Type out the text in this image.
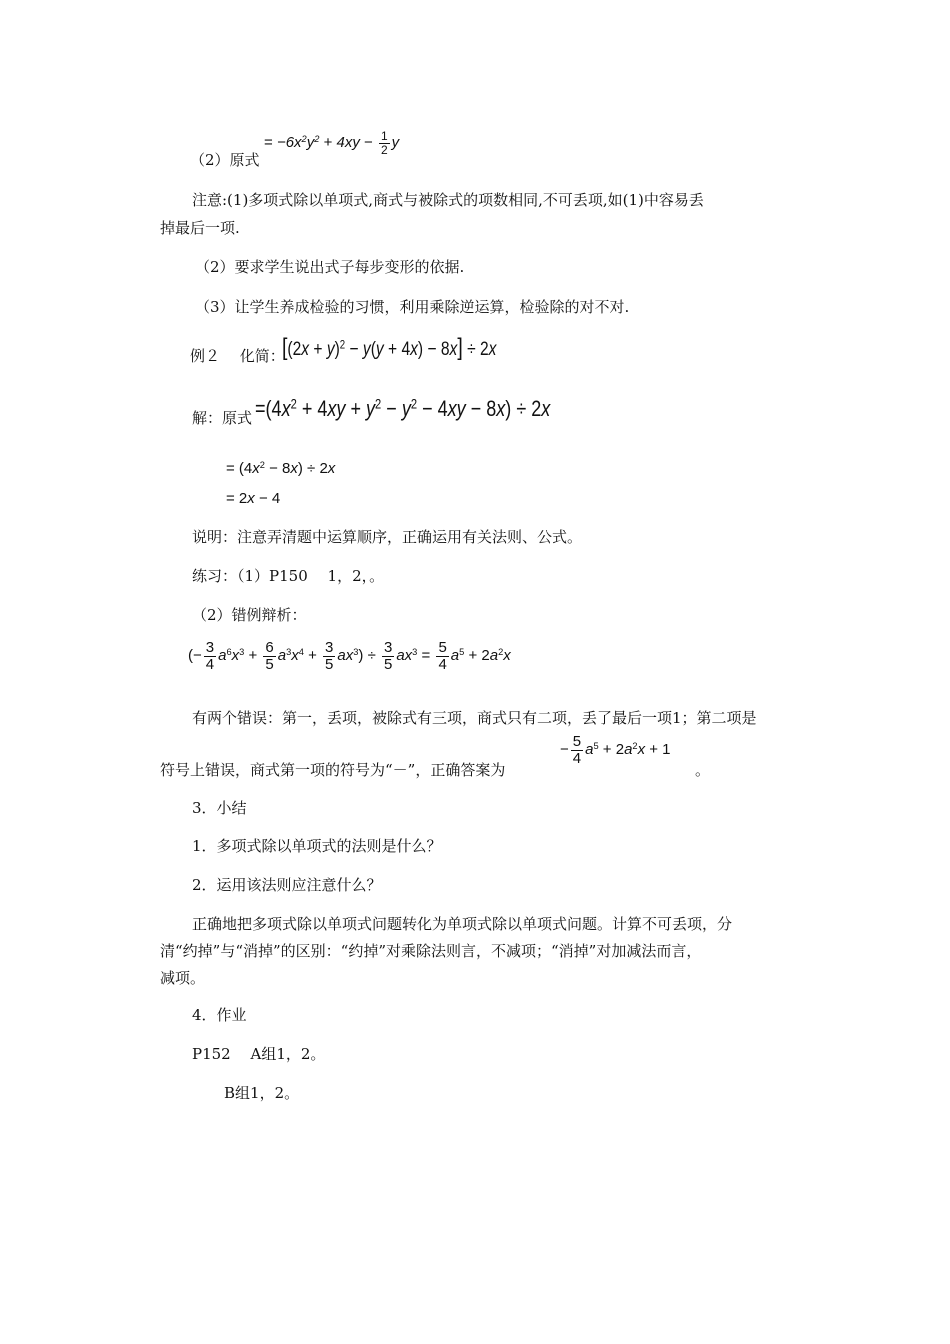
（2）原式
= $-6x^2y^2 + 4xy - \frac{1}{2}$ y
注意:(1)多项式除以单项式,商式与被除式的项数相同,不可丢项,如(1)中容易丢
掉最后一项.
（2）要求学生说出式子每步变形的依据.
（3）让学生养成检验的习惯，利用乘除逆运算，检验除的对不对.
例２　 化简：
$[(2x + y)^2 - y(y + 4x) - 8x] \div 2x$
解：原式 $=(4x^2 + 4xy + y^2 - y^2 - 4xy - 8x) \div 2x$
= $(4x^2 - 8x) \div 2x$
= 2x − 4
说明：注意弄清题中运算顺序，正确运用有关法则、公式。
练习：（1）P150　 1，2，。
（2）错例辩析：
(− $\frac{3}{4} a^6x^3 + \frac{6}{5} a^3x^4 + \frac{3}{5} ax^3) \div \frac{3}{5} ax^3 = \frac{5}{4} a^5 + 2a^2x$
有两个错误：第一，丢项，被除式有三项，商式只有二项，丢了最后一项1；第二项是
符号上错误，商式第一项的符号为“－”，正确答案为
− $\frac{5}{4} a^5 + 2a^2x + 1$
。
3．小结
1．多项式除以单项式的法则是什么？
2．运用该法则应注意什么？
正确地把多项式除以单项式问题转化为单项式除以单项式问题。计算不可丢项，分
清“约掉”与“消掉”的区别：“约掉”对乘除法则言，不减项；“消掉”对加减法而言，
减项。
4．作业
P152　 A组1，2。
B组1，2。
